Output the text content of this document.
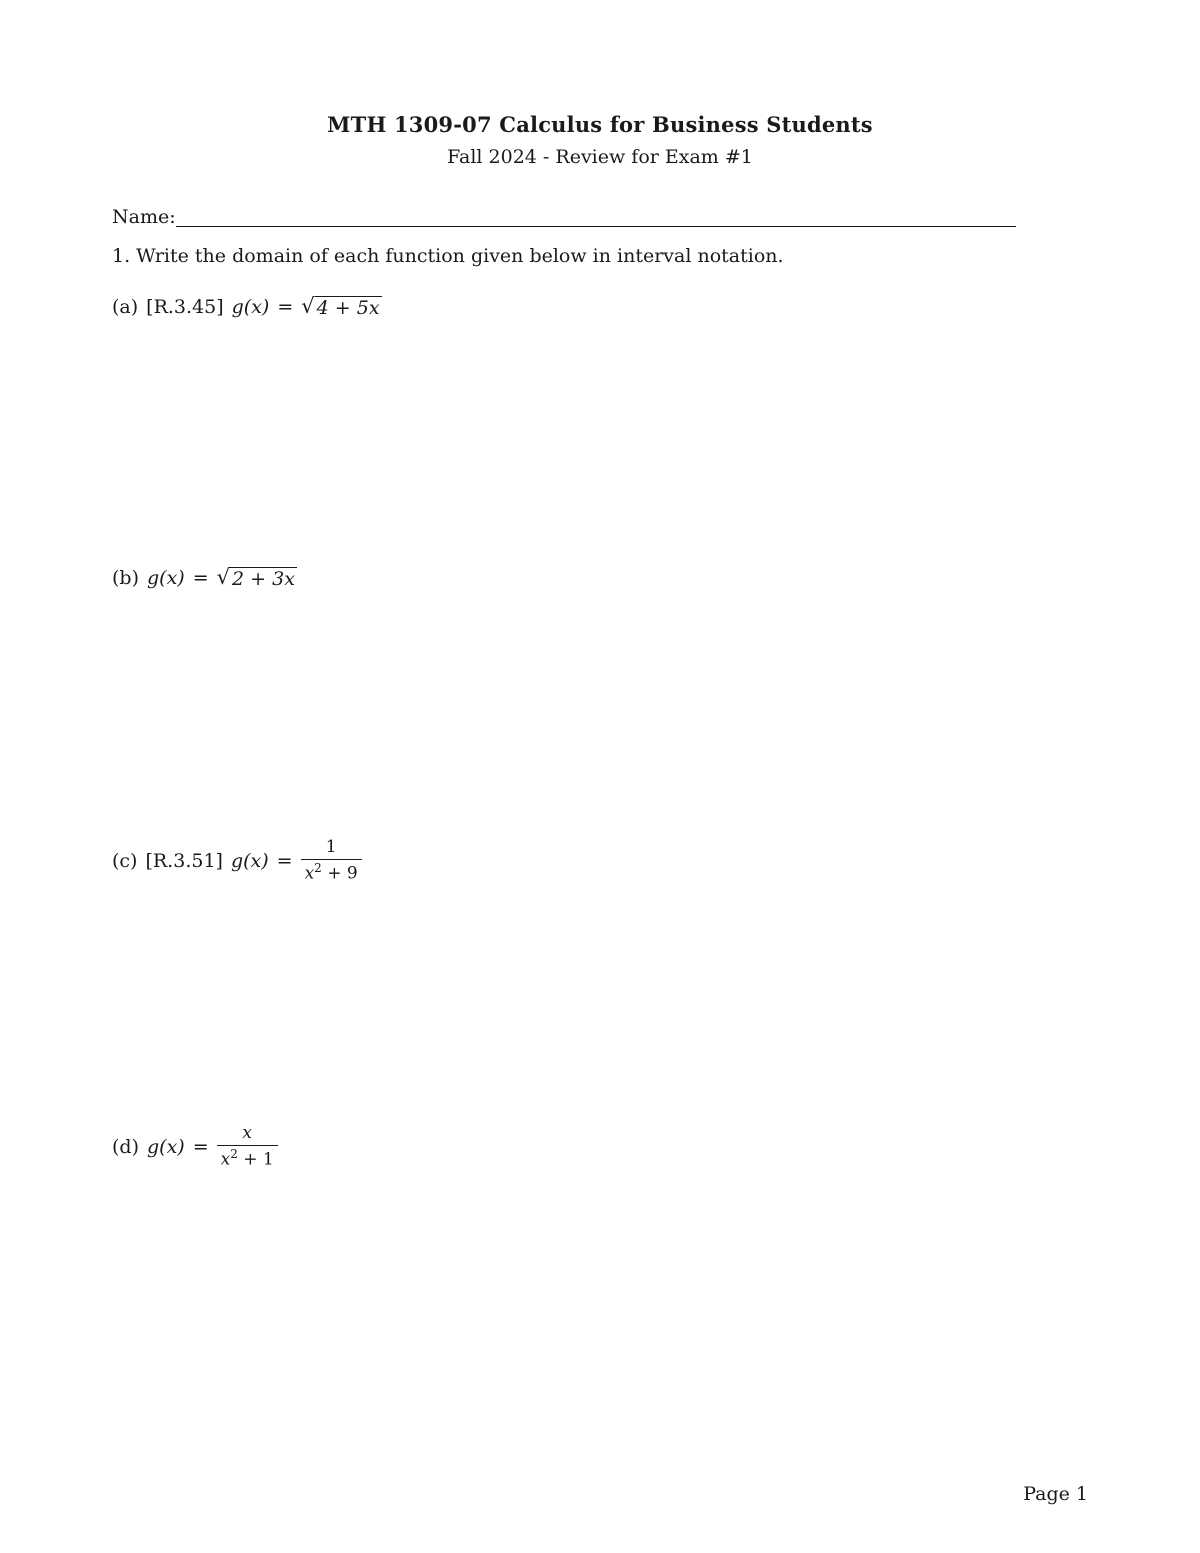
MTH 1309-07 Calculus for Business Students
Fall 2024 - Review for Exam #1
Name:
1. Write the domain of each function given below in interval notation.
(a) [R.3.45] g(x) = √ 4 + 5x
(b) g(x) = √ 2 + 3x
(c) [R.3.51] $g(x) = \frac{1}{x^2 + 9}$
(d) $g(x) = \frac{x}{x^2 + 1}$
Page 1
